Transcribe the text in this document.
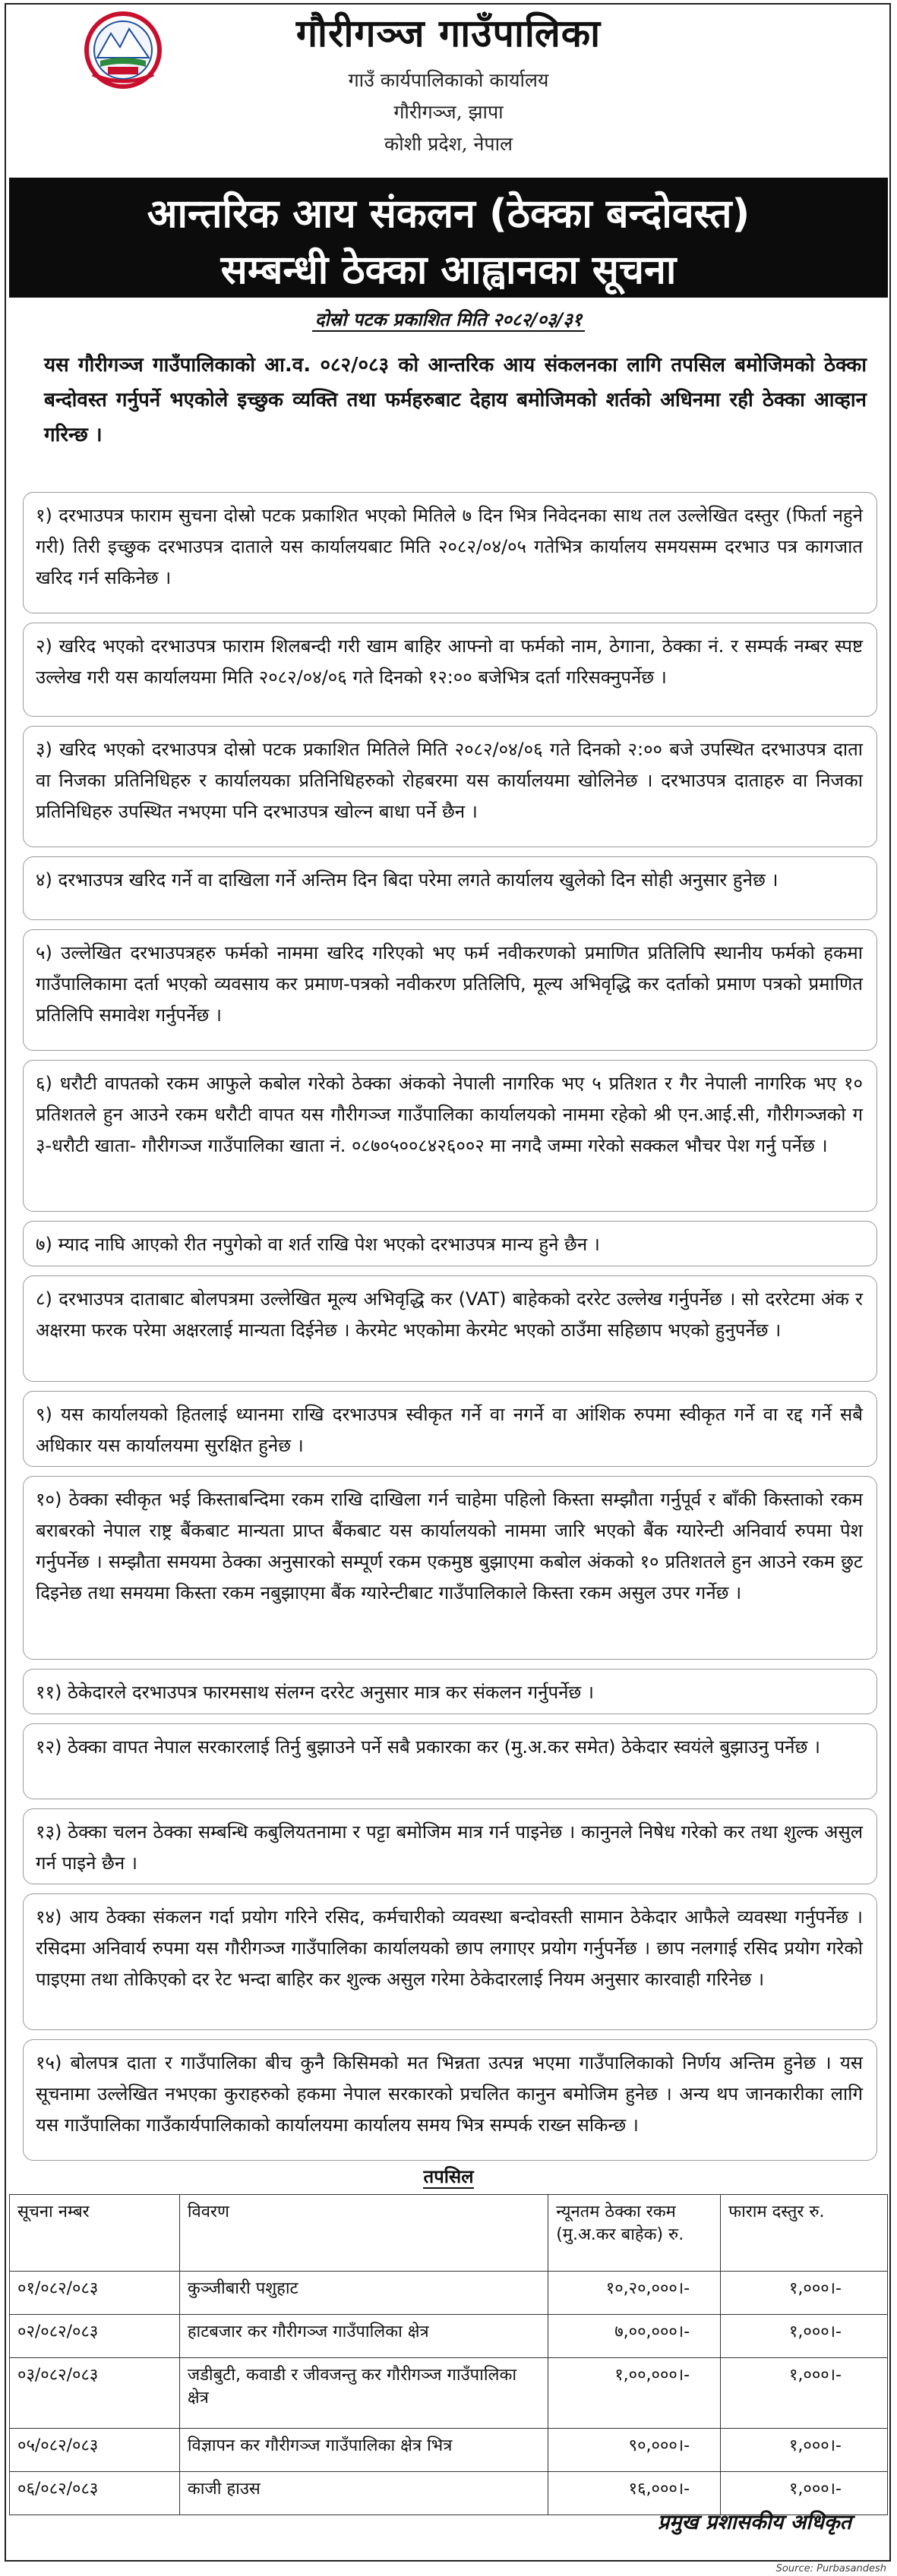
गौरीगञ्ज गाउँपालिका
गाउँ कार्यपालिकाको कार्यालय
गौरीगञ्ज, झापा
कोशी प्रदेश, नेपाल
आन्तरिक आय संकलन (ठेक्का बन्दोवस्त)
सम्बन्धी ठेक्का आह्वानका सूचना
दोस्रो पटक प्रकाशित मिति २०८२/०३/३१
यस गौरीगञ्ज गाउँपालिकाको आ.व. ०८२/०८३ को आन्तरिक आय संकलनका लागि तपसिल बमोजिमको ठेक्का बन्दोवस्त गर्नुपर्ने भएकोले इच्छुक व्यक्ति तथा फर्महरुबाट देहाय बमोजिमको शर्तको अधिनमा रही ठेक्का आव्हान गरिन्छ ।
१) दरभाउपत्र फाराम सुचना दोस्रो पटक प्रकाशित भएको मितिले ७ दिन भित्र निवेदनका साथ तल उल्लेखित दस्तुर (फिर्ता नहुने गरी) तिरी इच्छुक दरभाउपत्र दाताले यस कार्यालयबाट मिति २०८२/०४/०५ गतेभित्र कार्यालय समयसम्म दरभाउ पत्र कागजात खरिद गर्न सकिनेछ ।
२) खरिद भएको दरभाउपत्र फाराम शिलबन्दी गरी खाम बाहिर आफ्नो वा फर्मको नाम, ठेगाना, ठेक्का नं. र सम्पर्क नम्बर स्पष्ट उल्लेख गरी यस कार्यालयमा मिति २०८२/०४/०६ गते दिनको १२:०० बजेभित्र दर्ता गरिसक्नुपर्नेछ ।
३) खरिद भएको दरभाउपत्र दोस्रो पटक प्रकाशित मितिले मिति २०८२/०४/०६ गते दिनको २:०० बजे उपस्थित दरभाउपत्र दाता वा निजका प्रतिनिधिहरु र कार्यालयका प्रतिनिधिहरुको रोहबरमा यस कार्यालयमा खोलिनेछ । दरभाउपत्र दाताहरु वा निजका प्रतिनिधिहरु उपस्थित नभएमा पनि दरभाउपत्र खोल्न बाधा पर्ने छैन ।
४) दरभाउपत्र खरिद गर्ने वा दाखिला गर्ने अन्तिम दिन बिदा परेमा लगते कार्यालय खुलेको दिन सोही अनुसार हुनेछ ।
५) उल्लेखित दरभाउपत्रहरु फर्मको नाममा खरिद गरिएको भए फर्म नवीकरणको प्रमाणित प्रतिलिपि स्थानीय फर्मको हकमा गाउँपालिकामा दर्ता भएको व्यवसाय कर प्रमाण-पत्रको नवीकरण प्रतिलिपि, मूल्य अभिवृद्धि कर दर्ताको प्रमाण पत्रको प्रमाणित प्रतिलिपि समावेश गर्नुपर्नेछ ।
६) धरौटी वापतको रकम आफुले कबोल गरेको ठेक्का अंकको नेपाली नागरिक भए ५ प्रतिशत र गैर नेपाली नागरिक भए १० प्रतिशतले हुन आउने रकम धरौटी वापत यस गौरीगञ्ज गाउँपालिका कार्यालयको नाममा रहेको श्री एन.आई.सी, गौरीगञ्जको ग ३-धरौटी खाता- गौरीगञ्ज गाउँपालिका खाता नं. ०८७०५००८४२६००२ मा नगदै जम्मा गरेको सक्कल भौचर पेश गर्नु पर्नेछ ।
७) म्याद नाघि आएको रीत नपुगेको वा शर्त राखि पेश भएको दरभाउपत्र मान्य हुने छैन ।
८) दरभाउपत्र दाताबाट बोलपत्रमा उल्लेखित मूल्य अभिवृद्धि कर (VAT) बाहेकको दररेट उल्लेख गर्नुपर्नेछ । सो दररेटमा अंक र अक्षरमा फरक परेमा अक्षरलाई मान्यता दिईनेछ । केरमेट भएकोमा केरमेट भएको ठाउँमा सहिछाप भएको हुनुपर्नेछ ।
९) यस कार्यालयको हितलाई ध्यानमा राखि दरभाउपत्र स्वीकृत गर्ने वा नगर्ने वा आंशिक रुपमा स्वीकृत गर्ने वा रद्द गर्ने सबै अधिकार यस कार्यालयमा सुरक्षित हुनेछ ।
१०) ठेक्का स्वीकृत भई किस्ताबन्दिमा रकम राखि दाखिला गर्न चाहेमा पहिलो किस्ता सम्झौता गर्नुपूर्व र बाँकी किस्ताको रकम बराबरको नेपाल राष्ट्र बैंकबाट मान्यता प्राप्त बैंकबाट यस कार्यालयको नाममा जारि भएको बैंक ग्यारेन्टी अनिवार्य रुपमा पेश गर्नुपर्नेछ । सम्झौता समयमा ठेक्का अनुसारको सम्पूर्ण रकम एकमुष्ठ बुझाएमा कबोल अंकको १० प्रतिशतले हुन आउने रकम छुट दिइनेछ तथा समयमा किस्ता रकम नबुझाएमा बैंक ग्यारेन्टीबाट गाउँपालिकाले किस्ता रकम असुल उपर गर्नेछ ।
११) ठेकेदारले दरभाउपत्र फारमसाथ संलग्न दररेट अनुसार मात्र कर संकलन गर्नुपर्नेछ ।
१२) ठेक्का वापत नेपाल सरकारलाई तिर्नु बुझाउने पर्ने सबै प्रकारका कर (मु.अ.कर समेत) ठेकेदार स्वयंले बुझाउनु पर्नेछ ।
१३) ठेक्का चलन ठेक्का सम्बन्धि कबुलियतनामा र पट्टा बमोजिम मात्र गर्न पाइनेछ । कानुनले निषेध गरेको कर तथा शुल्क असुल गर्न पाइने छैन ।
१४) आय ठेक्का संकलन गर्दा प्रयोग गरिने रसिद, कर्मचारीको व्यवस्था बन्दोवस्ती सामान ठेकेदार आफैले व्यवस्था गर्नुपर्नेछ । रसिदमा अनिवार्य रुपमा यस गौरीगञ्ज गाउँपालिका कार्यालयको छाप लगाएर प्रयोग गर्नुपर्नेछ । छाप नलगाई रसिद प्रयोग गरेको पाइएमा तथा तोकिएको दर रेट भन्दा बाहिर कर शुल्क असुल गरेमा ठेकेदारलाई नियम अनुसार कारवाही गरिनेछ ।
१५) बोलपत्र दाता र गाउँपालिका बीच कुनै किसिमको मत भिन्नता उत्पन्न भएमा गाउँपालिकाको निर्णय अन्तिम हुनेछ । यस सूचनामा उल्लेखित नभएका कुराहरुको हकमा नेपाल सरकारको प्रचलित कानुन बमोजिम हुनेछ । अन्य थप जानकारीका लागि यस गाउँपालिका गाउँकार्यपालिकाको कार्यालयमा कार्यालय समय भित्र सम्पर्क राख्न सकिन्छ ।
तपसिल
सूचना नम्बर	विवरण	न्यूनतम ठेक्का रकम (मु.अ.कर बाहेक) रु.	फाराम दस्तुर रु.
०१/०८२/०८३	कुञ्जीबारी पशुहाट	१०,२०,०००।-	१,०००।-
०२/०८२/०८३	हाटबजार कर गौरीगञ्ज गाउँपालिका क्षेत्र	७,००,०००।-	१,०००।-
०३/०८२/०८३	जडीबुटी, कवाडी र जीवजन्तु कर गौरीगञ्ज गाउँपालिका क्षेत्र	१,००,०००।-	१,०००।-
०५/०८२/०८३	विज्ञापन कर गौरीगञ्ज गाउँपालिका क्षेत्र भित्र	९०,०००।-	१,०००।-
०६/०८२/०८३	काजी हाउस	१६,०००।-	१,०००।-
प्रमुख प्रशासकीय अधिकृत
Source: Purbasandesh
